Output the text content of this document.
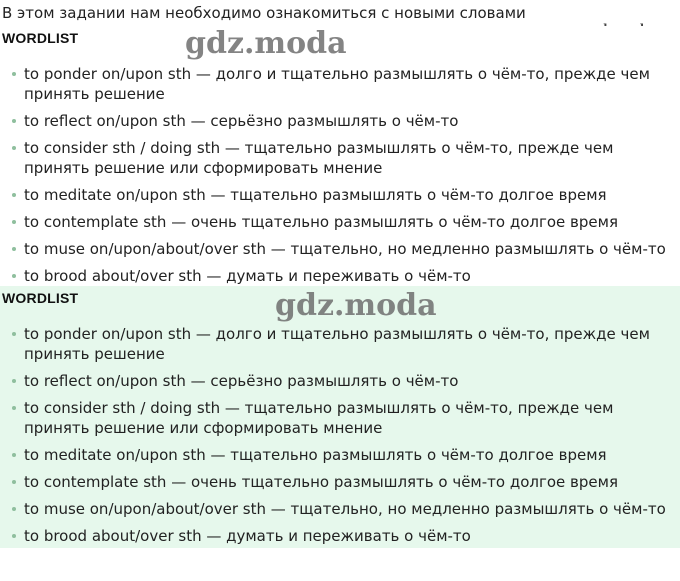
В этом задании нам необходимо ознакомиться с новыми словами
WORDLIST	gdz.moda
to ponder on/upon sth — долго и тщательно размышлять о чём-то, прежде чем принять решение
to reflect on/upon sth — серьёзно размышлять о чём-то
to consider sth / doing sth — тщательно размышлять о чём-то, прежде чем принять решение или сформировать мнение
to meditate on/upon sth — тщательно размышлять о чём-то долгое время
to contemplate sth — очень тщательно размышлять о чём-то долгое время
to muse on/upon/about/over sth — тщательно, но медленно размышлять о чём-то
to brood about/over sth — думать и переживать о чём-то
WORDLIST	gdz.moda
to ponder on/upon sth — долго и тщательно размышлять о чём-то, прежде чем принять решение
to reflect on/upon sth — серьёзно размышлять о чём-то
to consider sth / doing sth — тщательно размышлять о чём-то, прежде чем принять решение или сформировать мнение
to meditate on/upon sth — тщательно размышлять о чём-то долгое время
to contemplate sth — очень тщательно размышлять о чём-то долгое время
to muse on/upon/about/over sth — тщательно, но медленно размышлять о чём-то
to brood about/over sth — думать и переживать о чём-то
